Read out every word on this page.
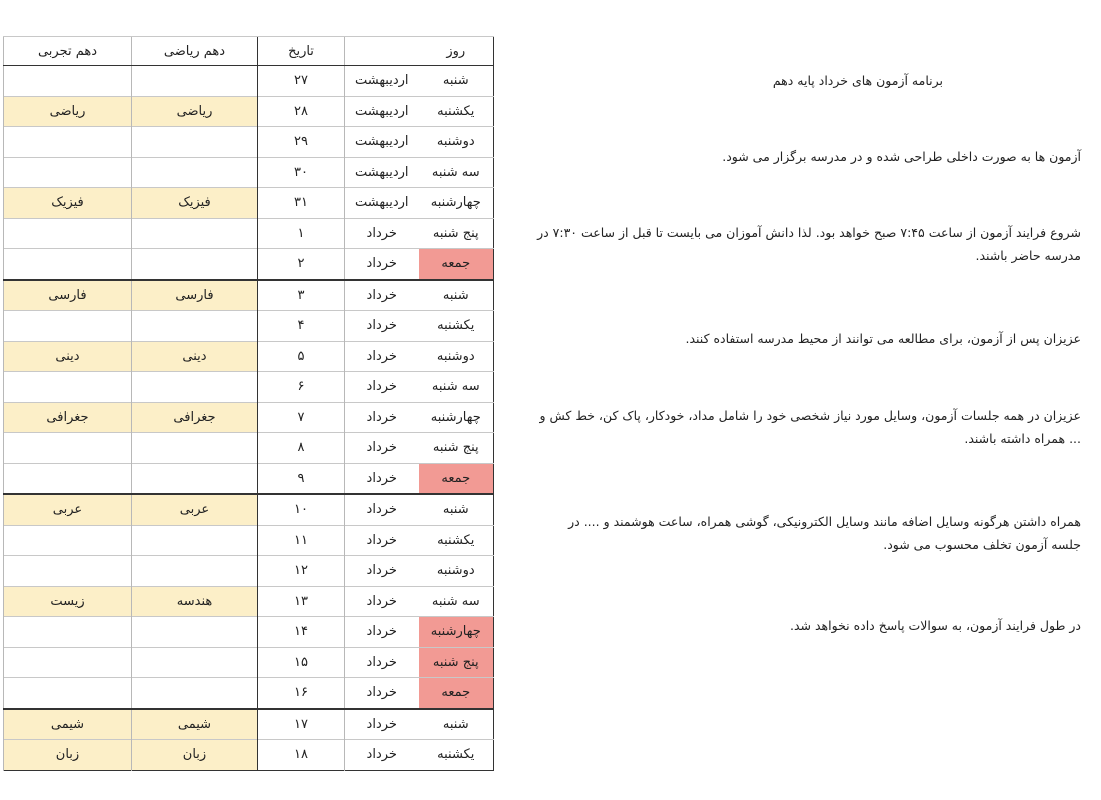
دهم تجربی	دهم ریاضی	تاریخ		روز
		۲۷	اردیبهشت	شنبه
ریاضی	ریاضی	۲۸	اردیبهشت	یکشنبه
		۲۹	اردیبهشت	دوشنبه
		۳۰	اردیبهشت	سه شنبه
فیزیک	فیزیک	۳۱	اردیبهشت	چهارشنبه
		۱	خرداد	پنج شنبه
		۲	خرداد	جمعه
فارسی	فارسی	۳	خرداد	شنبه
		۴	خرداد	یکشنبه
دینی	دینی	۵	خرداد	دوشنبه
		۶	خرداد	سه شنبه
جغرافی	جغرافی	۷	خرداد	چهارشنبه
		۸	خرداد	پنج شنبه
		۹	خرداد	جمعه
عربی	عربی	۱۰	خرداد	شنبه
		۱۱	خرداد	یکشنبه
		۱۲	خرداد	دوشنبه
زیست	هندسه	۱۳	خرداد	سه شنبه
		۱۴	خرداد	چهارشنبه
		۱۵	خرداد	پنج شنبه
		۱۶	خرداد	جمعه
شیمی	شیمی	۱۷	خرداد	شنبه
زبان	زبان	۱۸	خرداد	یکشنبه

برنامه آزمون های خرداد پایه دهم

آزمون ها به صورت داخلی طراحی شده و در مدرسه برگزار می شود.

شروع فرایند آزمون از ساعت ۷:۴۵ صبح خواهد بود. لذا دانش آموزان می بایست تا قبل از ساعت ۷:۳۰ در مدرسه حاضر باشند.

عزیزان پس از آزمون، برای مطالعه می توانند از محیط مدرسه استفاده کنند.

عزیزان در همه جلسات آزمون، وسایل مورد نیاز شخصی خود را شامل مداد، خودکار، پاک کن، خط کش و ... همراه داشته باشند.

همراه داشتن هرگونه وسایل اضافه مانند وسایل الکترونیکی، گوشی همراه، ساعت هوشمند و .... در جلسه آزمون تخلف محسوب می شود.

در طول فرایند آزمون، به سوالات پاسخ داده نخواهد شد.
